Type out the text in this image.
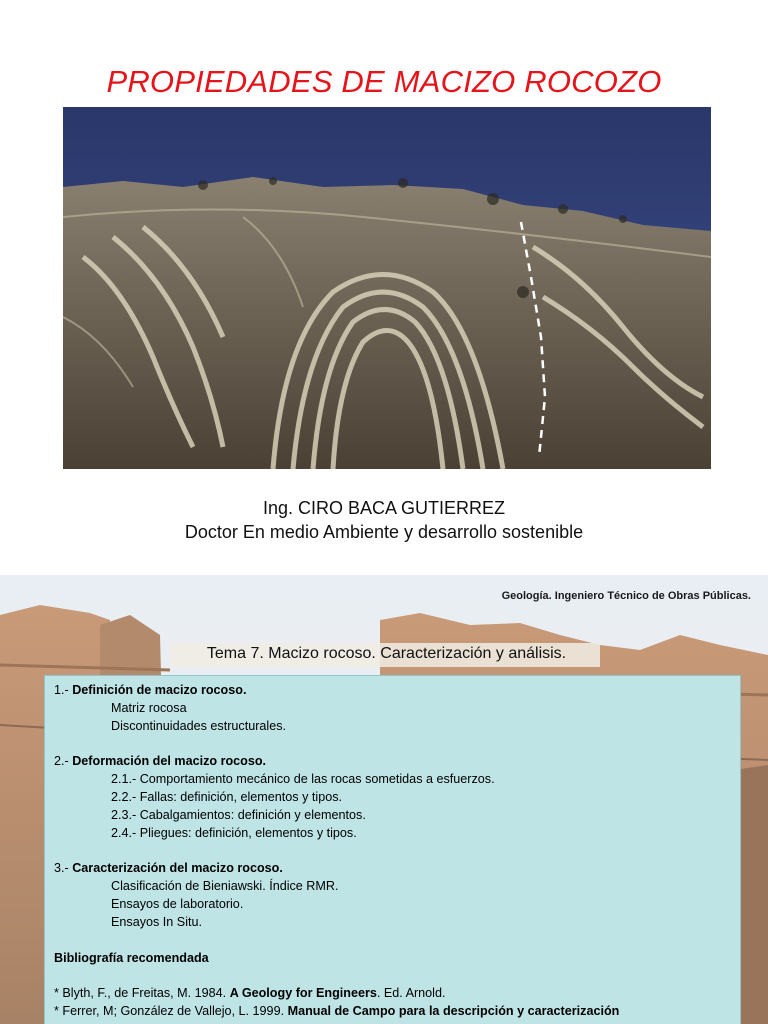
PROPIEDADES DE MACIZO ROCOZO
Ing. CIRO BACA GUTIERREZ
Doctor En medio Ambiente y desarrollo sostenible
Geología. Ingeniero Técnico de Obras Públicas.
Tema 7. Macizo rocoso. Caracterización y análisis.
1.- Definición de macizo rocoso.
Matriz rocosa
Discontinuidades estructurales.
2.- Deformación del macizo rocoso.
2.1.- Comportamiento mecánico de las rocas sometidas a esfuerzos.
2.2.- Fallas: definición, elementos y tipos.
2.3.- Cabalgamientos: definición y elementos.
2.4.- Pliegues: definición, elementos y tipos.
3.- Caracterización del macizo rocoso.
Clasificación de Bieniawski. Índice RMR.
Ensayos de laboratorio.
Ensayos In Situ.
Bibliografía recomendada
* Blyth, F., de Freitas, M. 1984. A Geology for Engineers. Ed. Arnold.
* Ferrer, M; González de Vallejo, L. 1999. Manual de Campo para la descripción y caracterización
